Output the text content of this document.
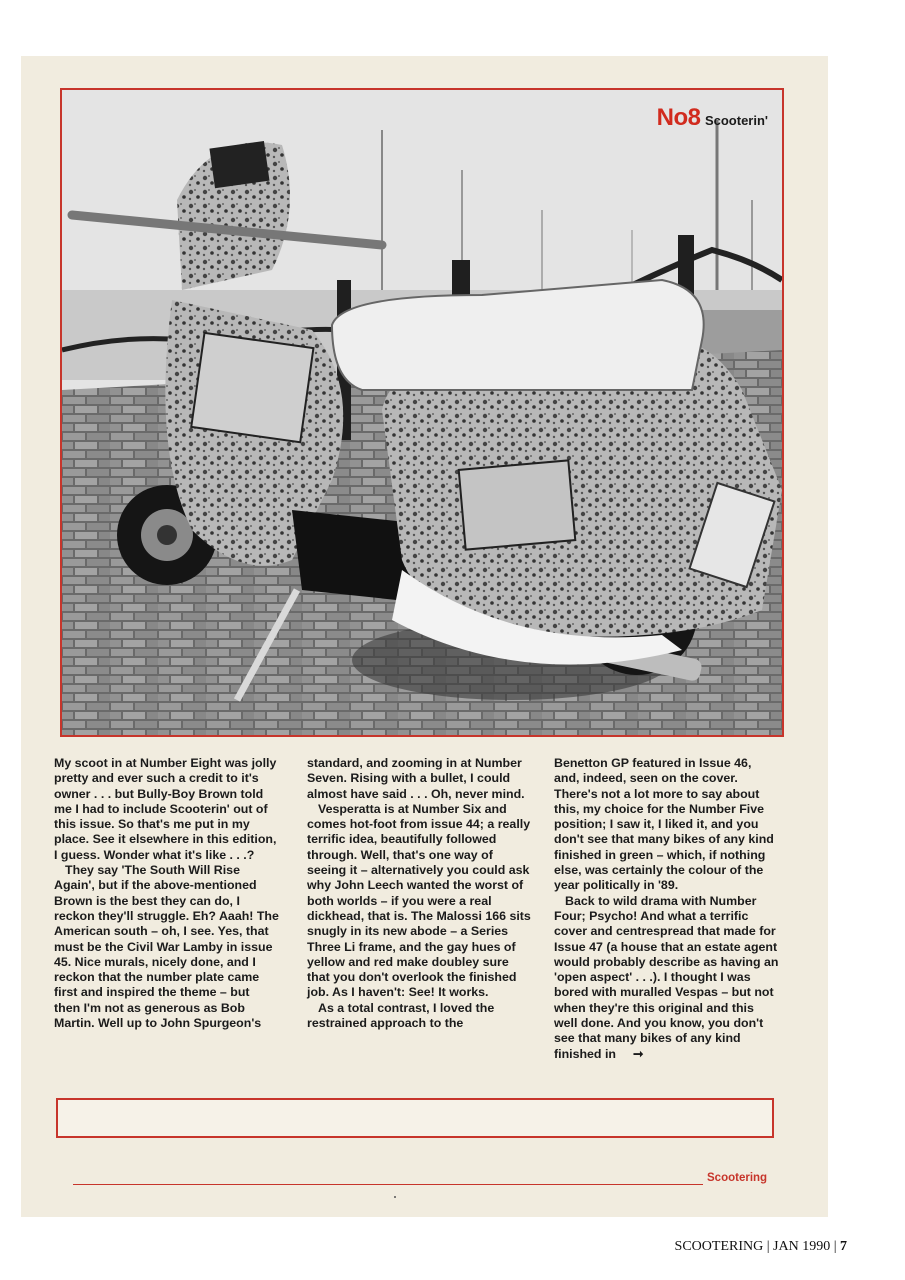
No8 Scooterin'

My scoot in at Number Eight was jolly pretty and ever such a credit to it's owner . . . but Bully-Boy Brown told me I had to include Scooterin' out of this issue. So that's me put in my place. See it elsewhere in this edition, I guess. Wonder what it's like . . .?

They say 'The South Will Rise Again', but if the above-mentioned Brown is the best they can do, I reckon they'll struggle. Eh? Aaah! The American south – oh, I see. Yes, that must be the Civil War Lamby in issue 45. Nice murals, nicely done, and I reckon that the number plate came first and inspired the theme – but then I'm not as generous as Bob Martin. Well up to John Spurgeon's

standard, and zooming in at Number Seven. Rising with a bullet, I could almost have said . . . Oh, never mind.

Vesperatta is at Number Six and comes hot-foot from issue 44; a really terrific idea, beautifully followed through. Well, that's one way of seeing it – alternatively you could ask why John Leech wanted the worst of both worlds – if you were a real dickhead, that is. The Malossi 166 sits snugly in its new abode – a Series Three Li frame, and the gay hues of yellow and red make doubley sure that you don't overlook the finished job. As I haven't: See! It works.

As a total contrast, I loved the restrained approach to the

Benetton GP featured in Issue 46, and, indeed, seen on the cover. There's not a lot more to say about this, my choice for the Number Five position; I saw it, I liked it, and you don't see that many bikes of any kind finished in green – which, if nothing else, was certainly the colour of the year politically in '89.

Back to wild drama with Number Four; Psycho! And what a terrific cover and centrespread that made for Issue 47 (a house that an estate agent would probably describe as having an 'open aspect' . . .). I thought I was bored with muralled Vespas – but not when they're this original and this well done. And you know, you don't see that many bikes of any kind finished in ➞

Scootering
SCOOTERING | JAN 1990 | 7
